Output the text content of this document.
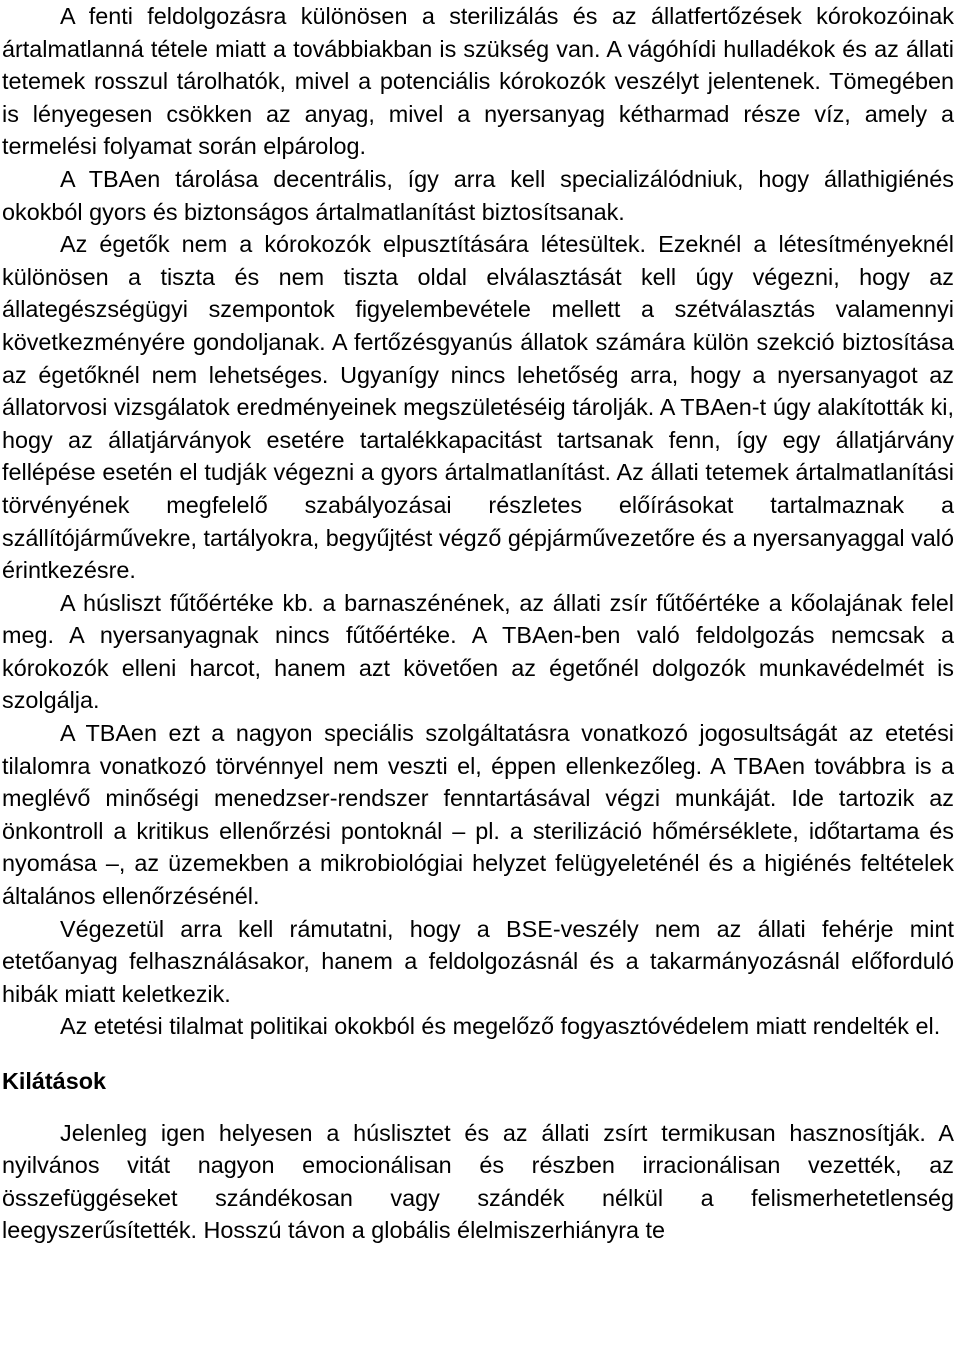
A fenti feldolgozásra különösen a sterilizálás és az állatfertőzések kórokozóinak ártalmatlanná tétele miatt a továbbiakban is szükség van. A vágóhídi hulladékok és az állati tetemek rosszul tárolhatók, mivel a potenciális kórokozók veszélyt jelentenek. Tömegében is lényegesen csökken az anyag, mivel a nyersanyag kétharmad része víz, amely a termelési folyamat során elpárolog.

A TBAen tárolása decentrális, így arra kell specializálódniuk, hogy állathigiénés okokból gyors és biztonságos ártalmatlanítást biztosítsanak.

Az égetők nem a kórokozók elpusztítására létesültek. Ezeknél a létesítményeknél különösen a tiszta és nem tiszta oldal elválasztását kell úgy végezni, hogy az állategészségügyi szempontok figyelembevétele mellett a szétválasztás valamennyi következményére gondoljanak. A fertőzésgyanús állatok számára külön szekció biztosítása az égetőknél nem lehetséges. Ugyanígy nincs lehetőség arra, hogy a nyersanyagot az állatorvosi vizsgálatok eredményeinek megszületéséig tárolják. A TBAen-t úgy alakították ki, hogy az állatjárványok esetére tartalékkapacitást tartsanak fenn, így egy állatjárvány fellépése esetén el tudják végezni a gyors ártalmatlanítást. Az állati tetemek ártalmatlanítási törvényének megfelelő szabályozásai részletes előírásokat tartalmaznak a szállítójárművekre, tartályokra, begyűjtést végző gépjárművezetőre és a nyersanyaggal való érintkezésre.

A húsliszt fűtőértéke kb. a barnaszénének, az állati zsír fűtőértéke a kőolajának felel meg. A nyersanyagnak nincs fűtőértéke. A TBAen-ben való feldolgozás nemcsak a kórokozók elleni harcot, hanem azt követően az égetőnél dolgozók munkavédelmét is szolgálja.

A TBAen ezt a nagyon speciális szolgáltatásra vonatkozó jogosultságát az etetési tilalomra vonatkozó törvénnyel nem veszti el, éppen ellenkezőleg. A TBAen továbbra is a meglévő minőségi menedzser-rendszer fenntartásával végzi munkáját. Ide tartozik az önkontroll a kritikus ellenőrzési pontoknál – pl. a sterilizáció hőmérséklete, időtartama és nyomása –, az üzemekben a mikrobiológiai helyzet felügyeleténél és a higiénés feltételek általános ellenőrzésénél.

Végezetül arra kell rámutatni, hogy a BSE-veszély nem az állati fehérje mint etetőanyag felhasználásakor, hanem a feldolgozásnál és a takarmányozásnál előforduló hibák miatt keletkezik.

Az etetési tilalmat politikai okokból és megelőző fogyasztóvédelem miatt rendelték el.

Kilátások

Jelenleg igen helyesen a húslisztet és az állati zsírt termikusan hasznosítják. A nyilvános vitát nagyon emocionálisan és részben irracionálisan vezették, az összefüggéseket szándékosan vagy szándék nélkül a felismerhetetlenség leegyszerűsítették. Hosszú távon a globális élelmiszerhiányra te
